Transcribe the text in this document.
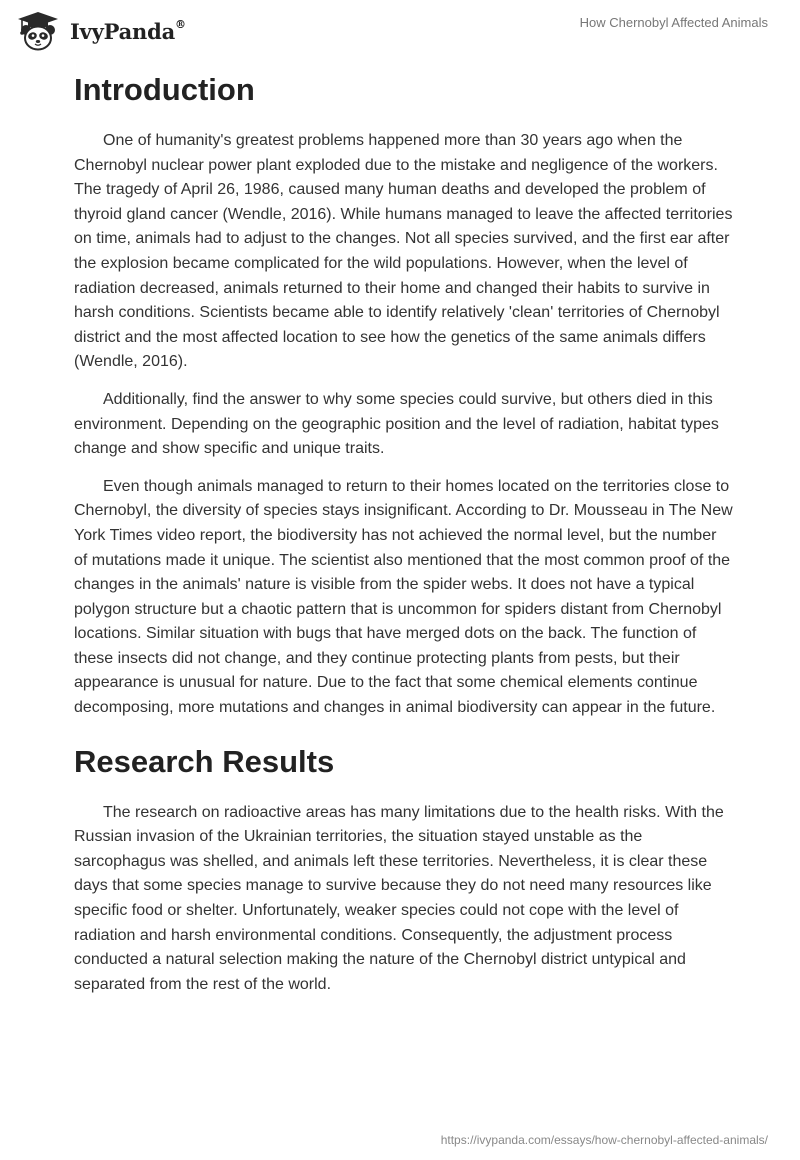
IvyPanda®	How Chernobyl Affected Animals
Introduction

One of humanity's greatest problems happened more than 30 years ago when the Chernobyl nuclear power plant exploded due to the mistake and negligence of the workers. The tragedy of April 26, 1986, caused many human deaths and developed the problem of thyroid gland cancer (Wendle, 2016). While humans managed to leave the affected territories on time, animals had to adjust to the changes. Not all species survived, and the first ear after the explosion became complicated for the wild populations. However, when the level of radiation decreased, animals returned to their home and changed their habits to survive in harsh conditions. Scientists became able to identify relatively 'clean' territories of Chernobyl district and the most affected location to see how the genetics of the same animals differs (Wendle, 2016).

Additionally, find the answer to why some species could survive, but others died in this environment. Depending on the geographic position and the level of radiation, habitat types change and show specific and unique traits.

Even though animals managed to return to their homes located on the territories close to Chernobyl, the diversity of species stays insignificant. According to Dr. Mousseau in The New York Times video report, the biodiversity has not achieved the normal level, but the number of mutations made it unique. The scientist also mentioned that the most common proof of the changes in the animals' nature is visible from the spider webs. It does not have a typical polygon structure but a chaotic pattern that is uncommon for spiders distant from Chernobyl locations. Similar situation with bugs that have merged dots on the back. The function of these insects did not change, and they continue protecting plants from pests, but their appearance is unusual for nature. Due to the fact that some chemical elements continue decomposing, more mutations and changes in animal biodiversity can appear in the future.

Research Results

The research on radioactive areas has many limitations due to the health risks. With the Russian invasion of the Ukrainian territories, the situation stayed unstable as the sarcophagus was shelled, and animals left these territories. Nevertheless, it is clear these days that some species manage to survive because they do not need many resources like specific food or shelter. Unfortunately, weaker species could not cope with the level of radiation and harsh environmental conditions. Consequently, the adjustment process conducted a natural selection making the nature of the Chernobyl district untypical and separated from the rest of the world.

https://ivypanda.com/essays/how-chernobyl-affected-animals/
